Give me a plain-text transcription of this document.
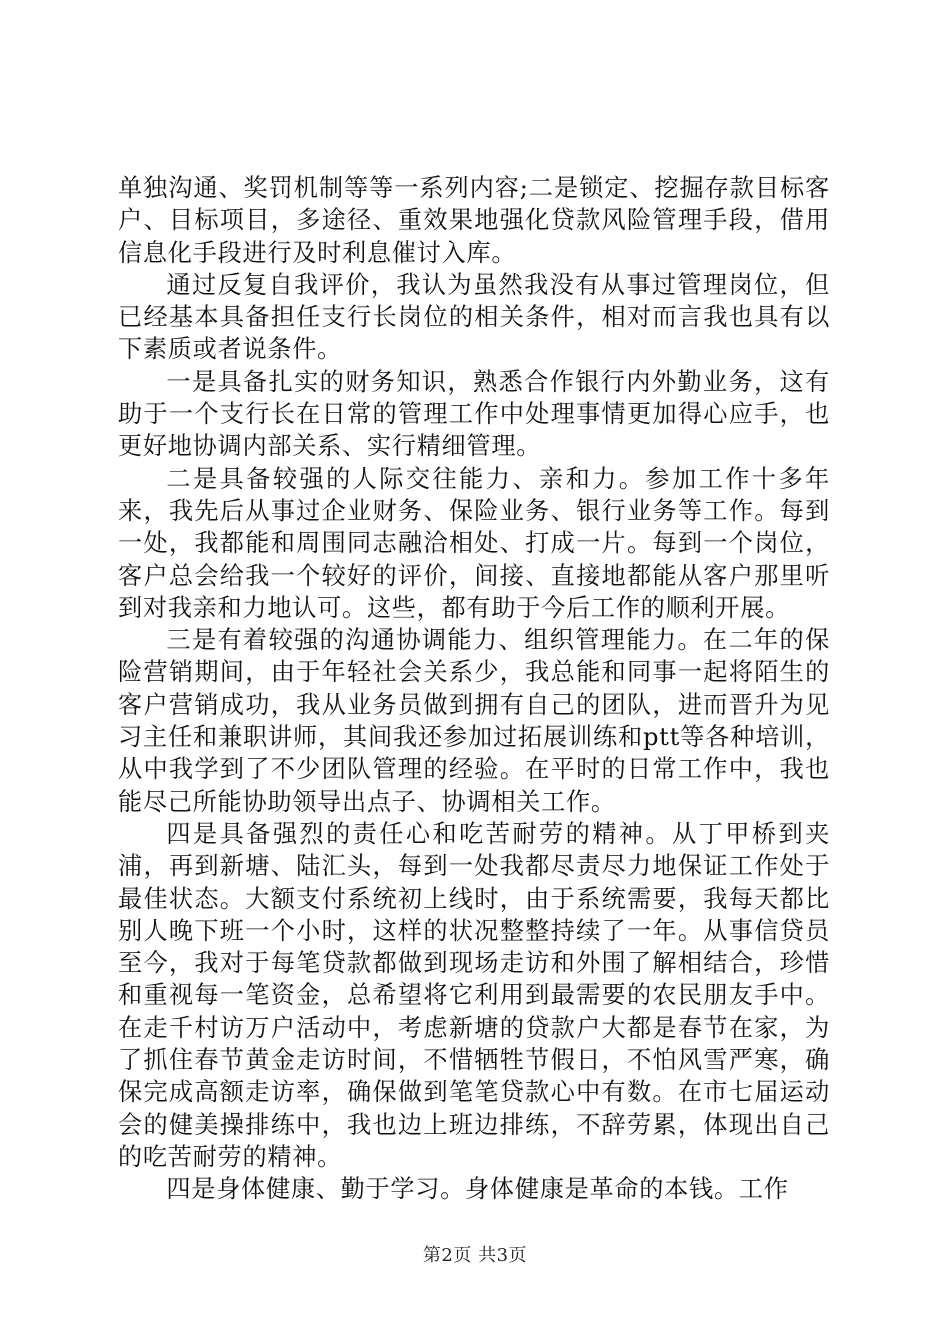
单独沟通、奖罚机制等等一系列内容;二是锁定、挖掘存款目标客户、目标项目，多途径、重效果地强化贷款风险管理手段，借用信息化手段进行及时利息催讨入库。

通过反复自我评价，我认为虽然我没有从事过管理岗位，但已经基本具备担任支行长岗位的相关条件，相对而言我也具有以下素质或者说条件。

一是具备扎实的财务知识，熟悉合作银行内外勤业务，这有助于一个支行长在日常的管理工作中处理事情更加得心应手，也更好地协调内部关系、实行精细管理。

二是具备较强的人际交往能力、亲和力。参加工作十多年来，我先后从事过企业财务、保险业务、银行业务等工作。每到一处，我都能和周围同志融洽相处、打成一片。每到一个岗位，客户总会给我一个较好的评价，间接、直接地都能从客户那里听到对我亲和力地认可。这些，都有助于今后工作的顺利开展。

三是有着较强的沟通协调能力、组织管理能力。在二年的保险营销期间，由于年轻社会关系少，我总能和同事一起将陌生的客户营销成功，我从业务员做到拥有自己的团队，进而晋升为见习主任和兼职讲师，其间我还参加过拓展训练和ptt等各种培训，从中我学到了不少团队管理的经验。在平时的日常工作中，我也能尽己所能协助领导出点子、协调相关工作。

四是具备强烈的责任心和吃苦耐劳的精神。从丁甲桥到夹浦，再到新塘、陆汇头，每到一处我都尽责尽力地保证工作处于最佳状态。大额支付系统初上线时，由于系统需要，我每天都比别人晚下班一个小时，这样的状况整整持续了一年。从事信贷员至今，我对于每笔贷款都做到现场走访和外围了解相结合，珍惜和重视每一笔资金，总希望将它利用到最需要的农民朋友手中。在走千村访万户活动中，考虑新塘的贷款户大都是春节在家，为了抓住春节黄金走访时间，不惜牺牲节假日，不怕风雪严寒，确保完成高额走访率，确保做到笔笔贷款心中有数。在市七届运动会的健美操排练中，我也边上班边排练，不辞劳累，体现出自己的吃苦耐劳的精神。

四是身体健康、勤于学习。身体健康是革命的本钱。工作

第2页 共3页
